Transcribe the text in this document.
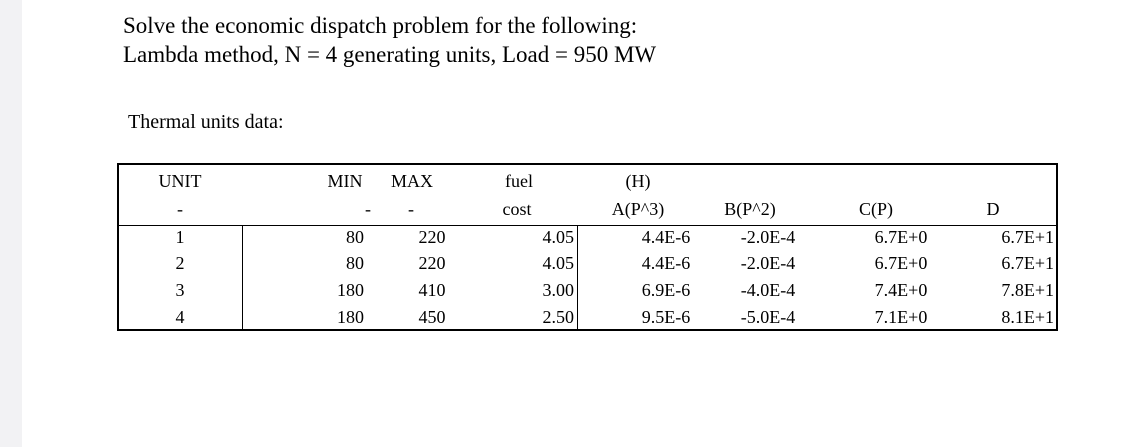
Solve the economic dispatch problem for the following:
Lambda method, N = 4 generating units, Load = 950 MW
Thermal units data:
UNIT	MIN MAX	fuel	(H)
-	- -	cost	A(P^3)	B(P^2)	C(P)	D
1	80	220	4.05	4.4E-6	-2.0E-4	6.7E+0	6.7E+1
2	80	220	4.05	4.4E-6	-2.0E-4	6.7E+0	6.7E+1
3	180	410	3.00	6.9E-6	-4.0E-4	7.4E+0	7.8E+1
4	180	450	2.50	9.5E-6	-5.0E-4	7.1E+0	8.1E+1
